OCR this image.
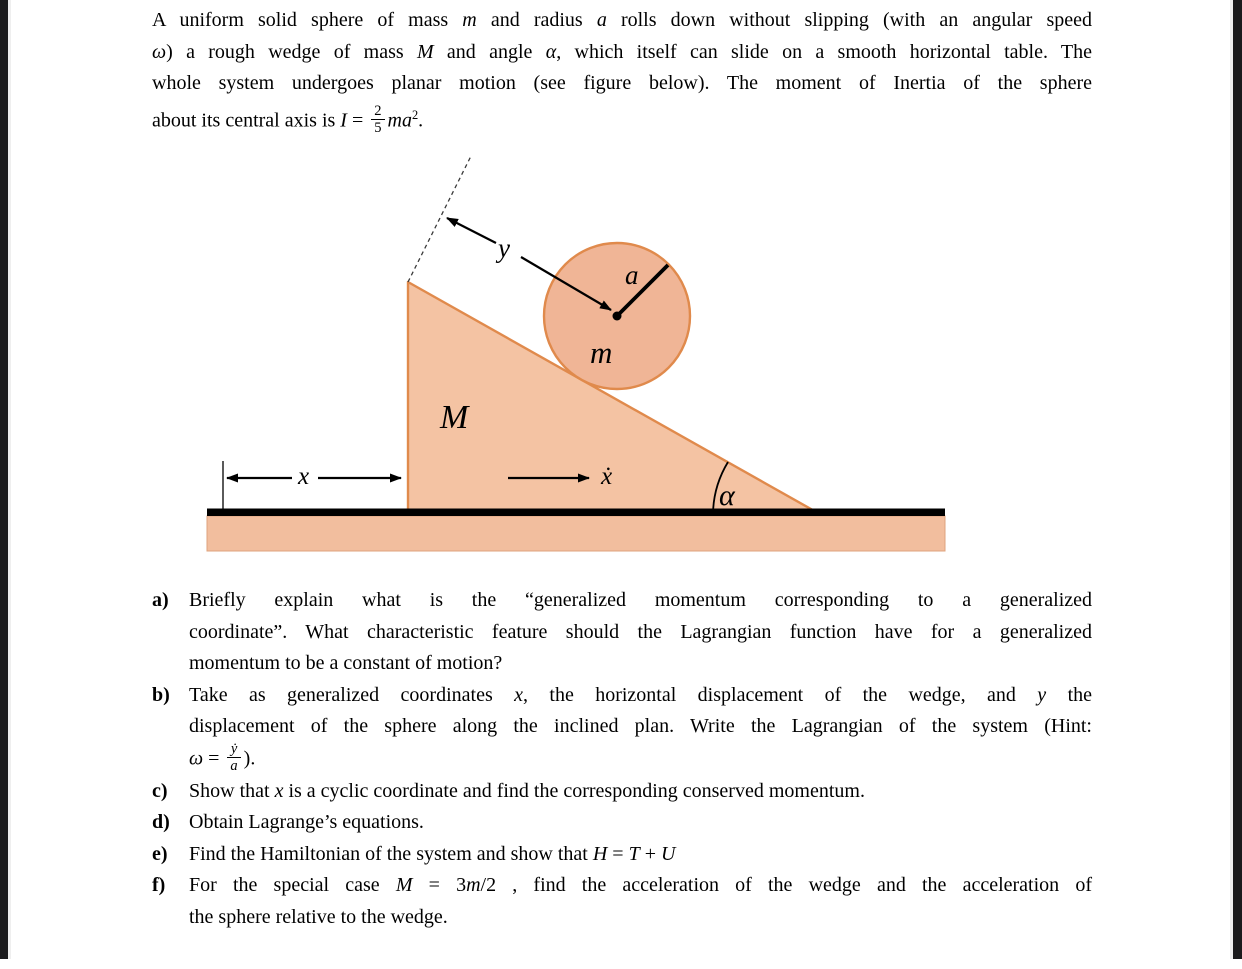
A uniform solid sphere of mass m and radius a rolls down without slipping (with an angular speed
ω) a rough wedge of mass M and angle α, which itself can slide on a smooth horizontal table. The
whole system undergoes planar motion (see figure below). The moment of Inertia of the sphere
about its central axis is $I = \frac{2}{5} ma^2$.
y
x	ẋ
α
M
m
a
a)	Briefly explain what is the “generalized momentum corresponding to a generalized
coordinate”. What characteristic feature should the Lagrangian function have for a generalized
momentum to be a constant of motion?
b) Take as generalized coordinates x, the horizontal displacement of the wedge, and y the
displacement of the sphere along the inclined plan. Write the Lagrangian of the system (Hint:
$\omega = \frac{\text{ẏ}}{a}$ ).
c)	Show that x is a cyclic coordinate and find the corresponding conserved momentum.
d) Obtain Lagrange’s equations.
e)	Find the Hamiltonian of the system and show that H = T + U
f)	For the special case M = 3m/2 , find the acceleration of the wedge and the acceleration of
the sphere relative to the wedge.
